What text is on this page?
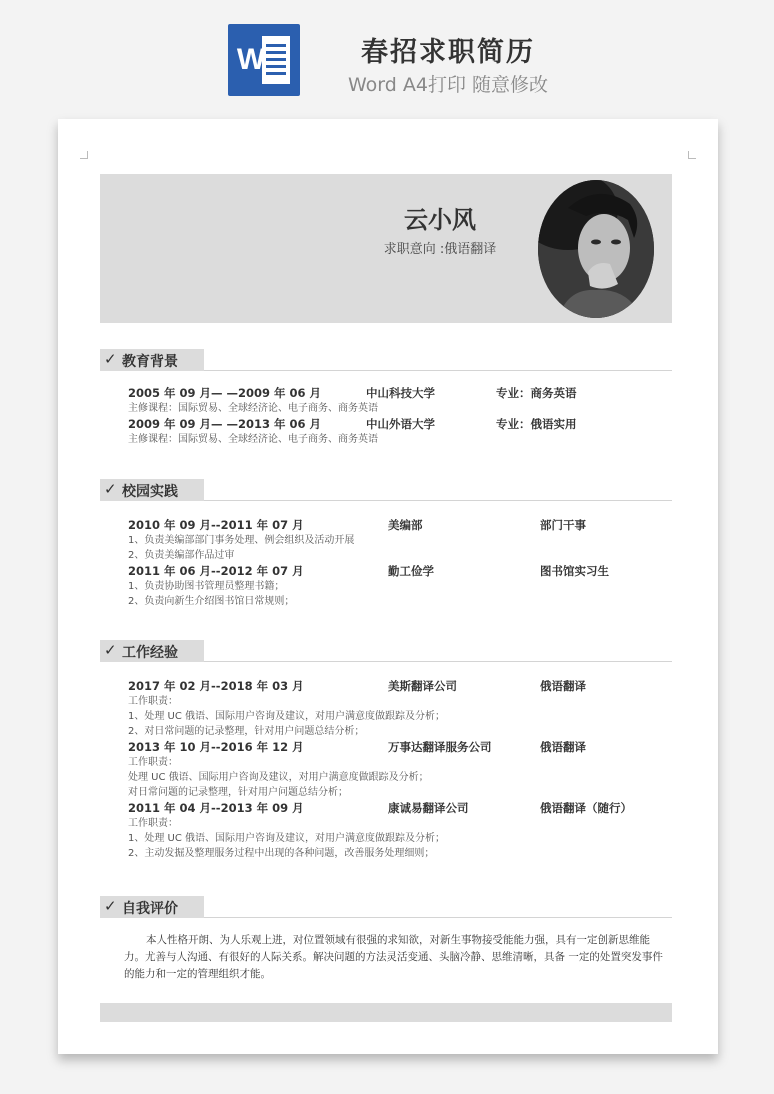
W	春招求职简历
Word A4打印 随意修改
云小风
求职意向 :俄语翻译
✓ 教育背景
2005 年 09 月— —2009 年 06 月	中山科技大学	专业：商务英语
主修课程：国际贸易、全球经济论、电子商务、商务英语
2009 年 09 月— —2013 年 06 月	中山外语大学	专业：俄语实用
主修课程：国际贸易、全球经济论、电子商务、商务英语
✓ 校园实践
2010 年 09 月--2011 年 07 月	美编部	部门干事
1、负责美编部部门事务处理、例会组织及活动开展
2、负责美编部作品过审
2011 年 06 月--2012 年 07 月	勤工俭学	图书馆实习生
1、负责协助图书管理员整理书籍；
2、负责向新生介绍图书馆日常规则；
✓ 工作经验
2017 年 02 月--2018 年 03 月	美斯翻译公司	俄语翻译
工作职责：
1、处理 UC 俄语、国际用户咨询及建议，对用户满意度做跟踪及分析；
2、对日常问题的记录整理，针对用户问题总结分析；
2013 年 10 月--2016 年 12 月	万事达翻译服务公司	俄语翻译
工作职责：
处理 UC 俄语、国际用户咨询及建议，对用户满意度做跟踪及分析；
对日常问题的记录整理，针对用户问题总结分析；
2011 年 04 月--2013 年 09 月	康诚易翻译公司	俄语翻译（随行）
工作职责：
1、处理 UC 俄语、国际用户咨询及建议，对用户满意度做跟踪及分析；
2、主动发掘及整理服务过程中出现的各种问题，改善服务处理细则；
✓ 自我评价
本人性格开朗、为人乐观上进，对位置领域有很强的求知欲，对新生事物接受能能力强，具有一定创新思维能力。尤善与人沟通、有很好的人际关系。解决问题的方法灵活变通、头脑冷静、思维清晰，具备 一定的处置突发事件的能力和一定的管理组织才能。
